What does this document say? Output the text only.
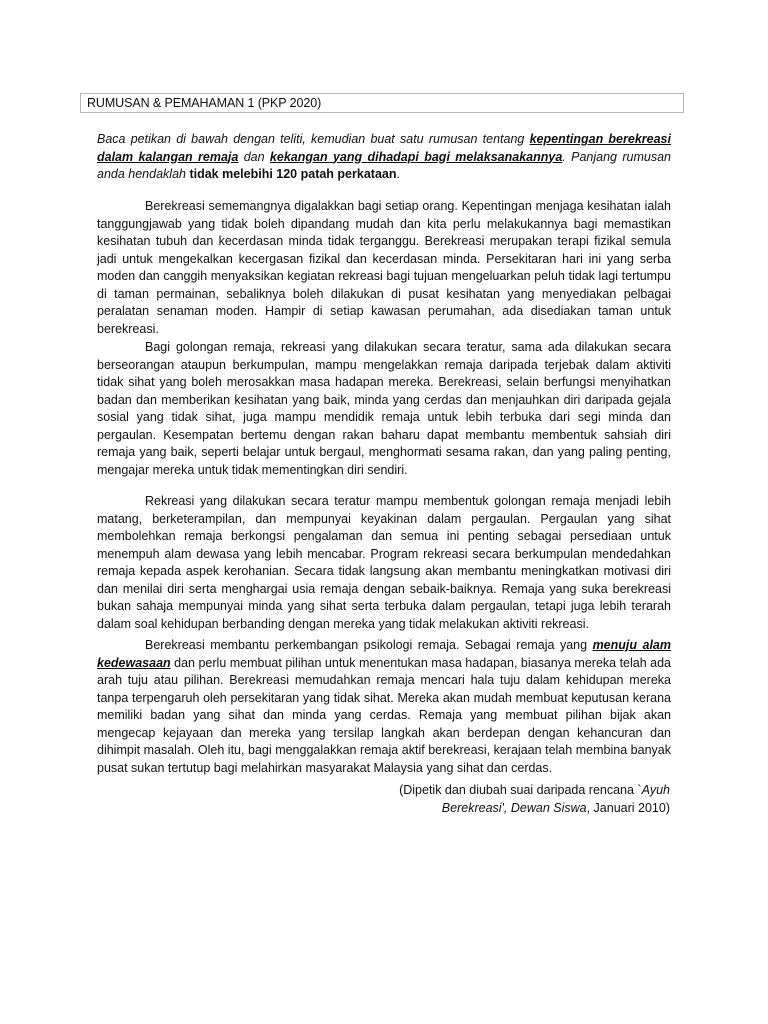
RUMUSAN & PEMAHAMAN 1 (PKP 2020)
Baca petikan di bawah dengan teliti, kemudian buat satu rumusan tentang kepentingan berekreasi dalam kalangan remaja dan kekangan yang dihadapi bagi melaksanakannya. Panjang rumusan anda hendaklah tidak melebihi 120 patah perkataan.

Berekreasi sememangnya digalakkan bagi setiap orang. Kepentingan menjaga kesihatan ialah tanggungjawab yang tidak boleh dipandang mudah dan kita perlu melakukannya bagi memastikan kesihatan tubuh dan kecerdasan minda tidak terganggu. Berekreasi merupakan terapi fizikal semula jadi untuk mengekalkan kecergasan fizikal dan kecerdasan minda. Persekitaran hari ini yang serba moden dan canggih menyaksikan kegiatan rekreasi bagi tujuan mengeluarkan peluh tidak lagi tertumpu di taman permainan, sebaliknya boleh dilakukan di pusat kesihatan yang menyediakan pelbagai peralatan senaman moden. Hampir di setiap kawasan perumahan, ada disediakan taman untuk berekreasi.

Bagi golongan remaja, rekreasi yang dilakukan secara teratur, sama ada dilakukan secara berseorangan ataupun berkumpulan, mampu mengelakkan remaja daripada terjebak dalam aktiviti tidak sihat yang boleh merosakkan masa hadapan mereka. Berekreasi, selain berfungsi menyihatkan badan dan memberikan kesihatan yang baik, minda yang cerdas dan menjauhkan diri daripada gejala sosial yang tidak sihat, juga mampu mendidik remaja untuk lebih terbuka dari segi minda dan pergaulan. Kesempatan bertemu dengan rakan baharu dapat membantu membentuk sahsiah diri remaja yang baik, seperti belajar untuk bergaul, menghormati sesama rakan, dan yang paling penting, mengajar mereka untuk tidak mementingkan diri sendiri.

Rekreasi yang dilakukan secara teratur mampu membentuk golongan remaja menjadi lebih matang, berketerampilan, dan mempunyai keyakinan dalam pergaulan. Pergaulan yang sihat membolehkan remaja berkongsi pengalaman dan semua ini penting sebagai persediaan untuk menempuh alam dewasa yang lebih mencabar. Program rekreasi secara berkumpulan mendedahkan remaja kepada aspek kerohanian. Secara tidak langsung akan membantu meningkatkan motivasi diri dan menilai diri serta menghargai usia remaja dengan sebaik-baiknya. Remaja yang suka berekreasi bukan sahaja mempunyai minda yang sihat serta terbuka dalam pergaulan, tetapi juga lebih terarah dalam soal kehidupan berbanding dengan mereka yang tidak melakukan aktiviti rekreasi.

Berekreasi membantu perkembangan psikologi remaja. Sebagai remaja yang menuju alam kedewasaan dan perlu membuat pilihan untuk menentukan masa hadapan, biasanya mereka telah ada arah tuju atau pilihan. Berekreasi memudahkan remaja mencari hala tuju dalam kehidupan mereka tanpa terpengaruh oleh persekitaran yang tidak sihat. Mereka akan mudah membuat keputusan kerana memiliki badan yang sihat dan minda yang cerdas. Remaja yang membuat pilihan bijak akan mengecap kejayaan dan mereka yang tersilap langkah akan berdepan dengan kehancuran dan dihimpit masalah. Oleh itu, bagi menggalakkan remaja aktif berekreasi, kerajaan telah membina banyak pusat sukan tertutup bagi melahirkan masyarakat Malaysia yang sihat dan cerdas.

(Dipetik dan diubah suai daripada rencana `Ayuh Berekreasi', Dewan Siswa, Januari 2010)
